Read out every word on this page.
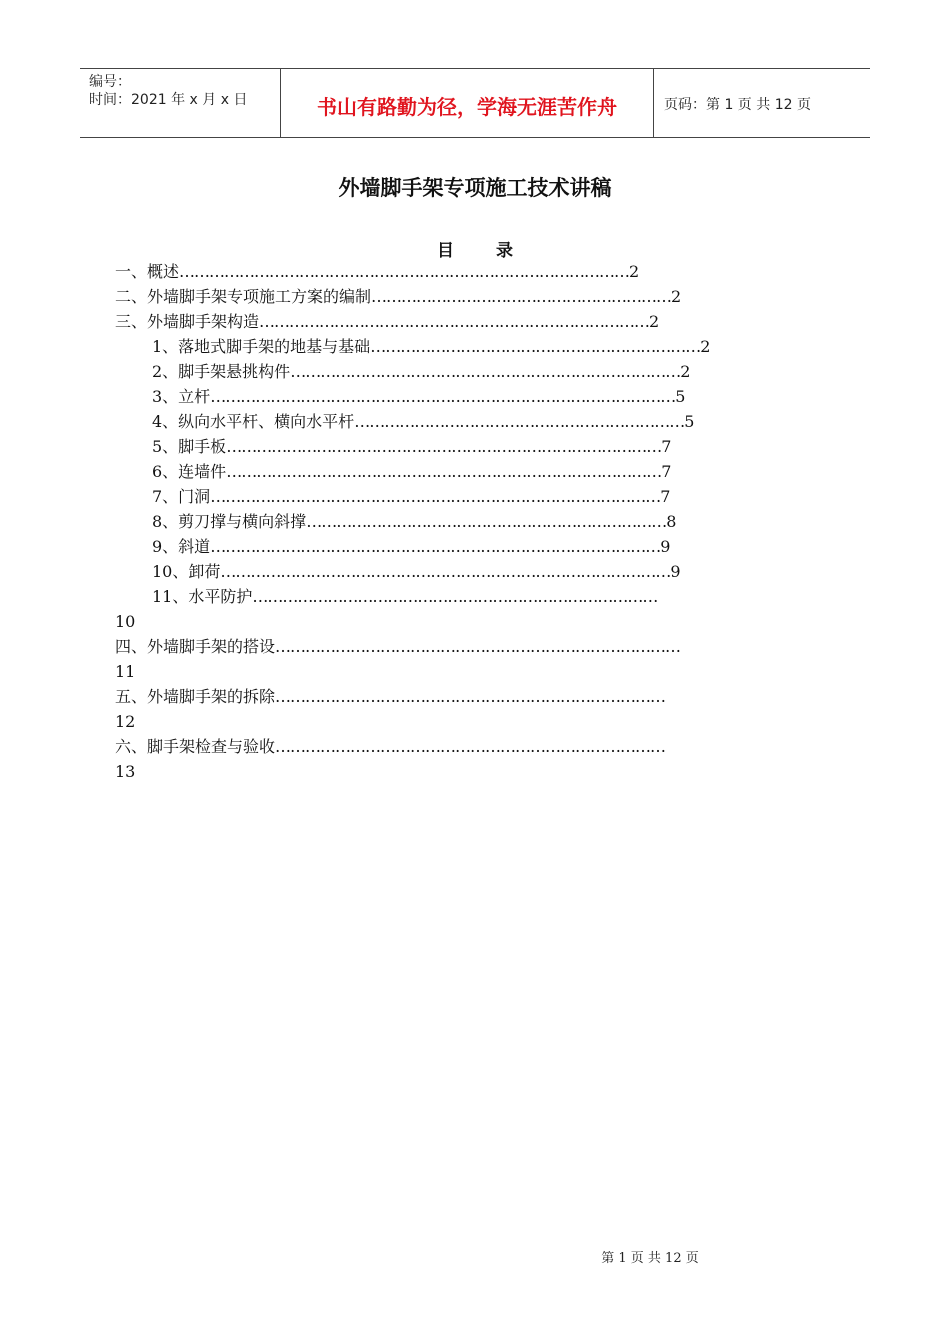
编号：
时间：2021 年 x 月 x 日	书山有路勤为径，学海无涯苦作舟	页码：第 1 页 共 12 页
外墙脚手架专项施工技术讲稿
目 录
一、概述………………………………………………………………………………2
二、外墙脚手架专项施工方案的编制……………………………………………………2
三、外墙脚手架构造……………………………………………………………………2
1、落地式脚手架的地基与基础…………………………………………………………2
2、脚手架悬挑构件……………………………………………………………………2
3、立杆…………………………………………………………………………………5
4、纵向水平杆、横向水平杆…………………………………………………………5
5、脚手板……………………………………………………………………………7
6、连墙件……………………………………………………………………………7
7、门洞………………………………………………………………………………7
8、剪刀撑与横向斜撑………………………………………………………………8
9、斜道………………………………………………………………………………9
10、卸荷………………………………………………………………………………9
11、水平防护………………………………………………………………………
10
四、外墙脚手架的搭设………………………………………………………………………
11
五、外墙脚手架的拆除……………………………………………………………………
12
六、脚手架检查与验收……………………………………………………………………
13
第 1 页 共 12 页
